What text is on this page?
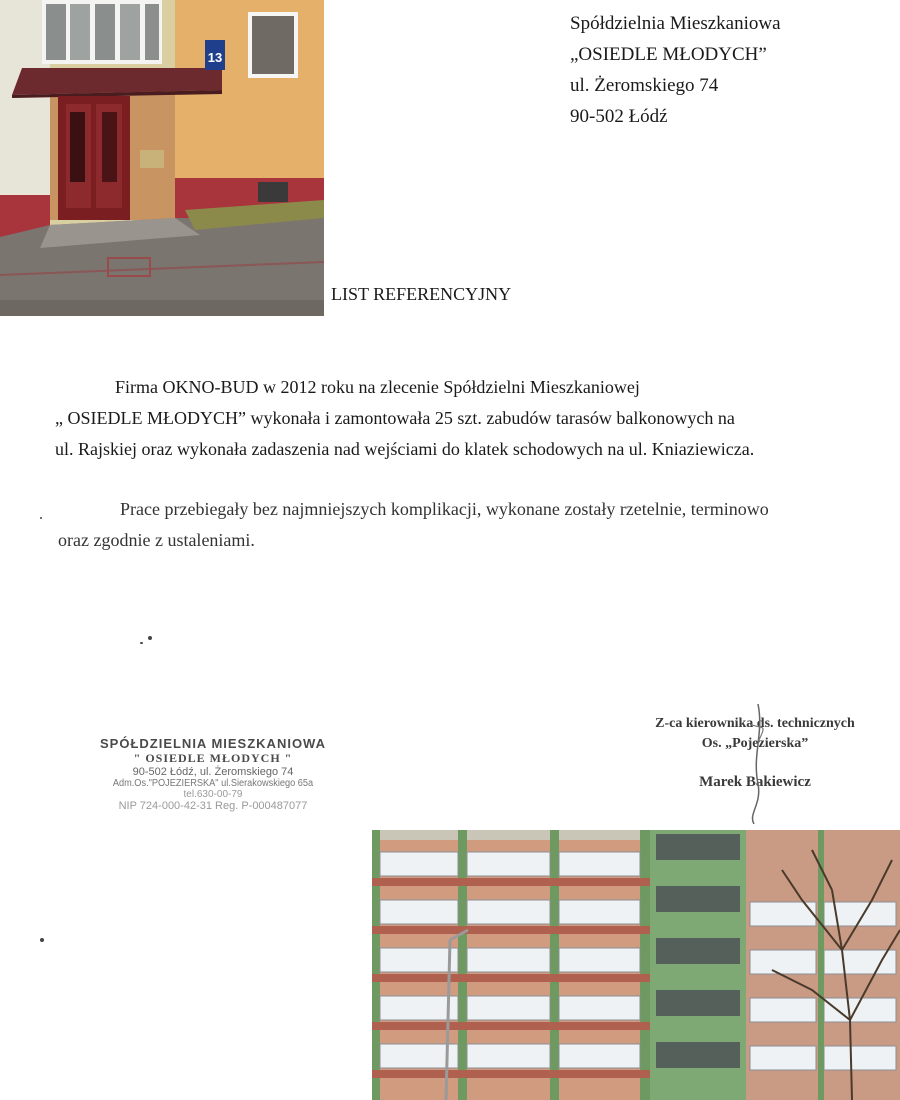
13
Spółdzielnia Mieszkaniowa
„OSIEDLE MŁODYCH”
ul. Żeromskiego 74
90-502 Łódź
LIST REFERENCYJNY
Firma OKNO-BUD w 2012 roku na zlecenie Spółdzielni Mieszkaniowej
„ OSIEDLE MŁODYCH” wykonała i zamontowała 25 szt. zabudów tarasów balkonowych na
ul. Rajskiej oraz wykonała zadaszenia nad wejściami do klatek schodowych na ul. Kniaziewicza.
Prace przebiegały bez najmniejszych komplikacji, wykonane zostały rzetelnie, terminowo
oraz zgodnie z ustaleniami.
SPÓŁDZIELNIA MIESZKANIOWA
" OSIEDLE MŁODYCH "
90-502 Łódź, ul. Żeromskiego 74
Adm.Os."POJEZIERSKA" ul.Sierakowskiego 65a
tel.630-00-79
NIP 724-000-42-31 Reg. P-000487077
Z-ca kierownika ds. technicznych
Os. „Pojezierska”
Marek Bakiewicz
